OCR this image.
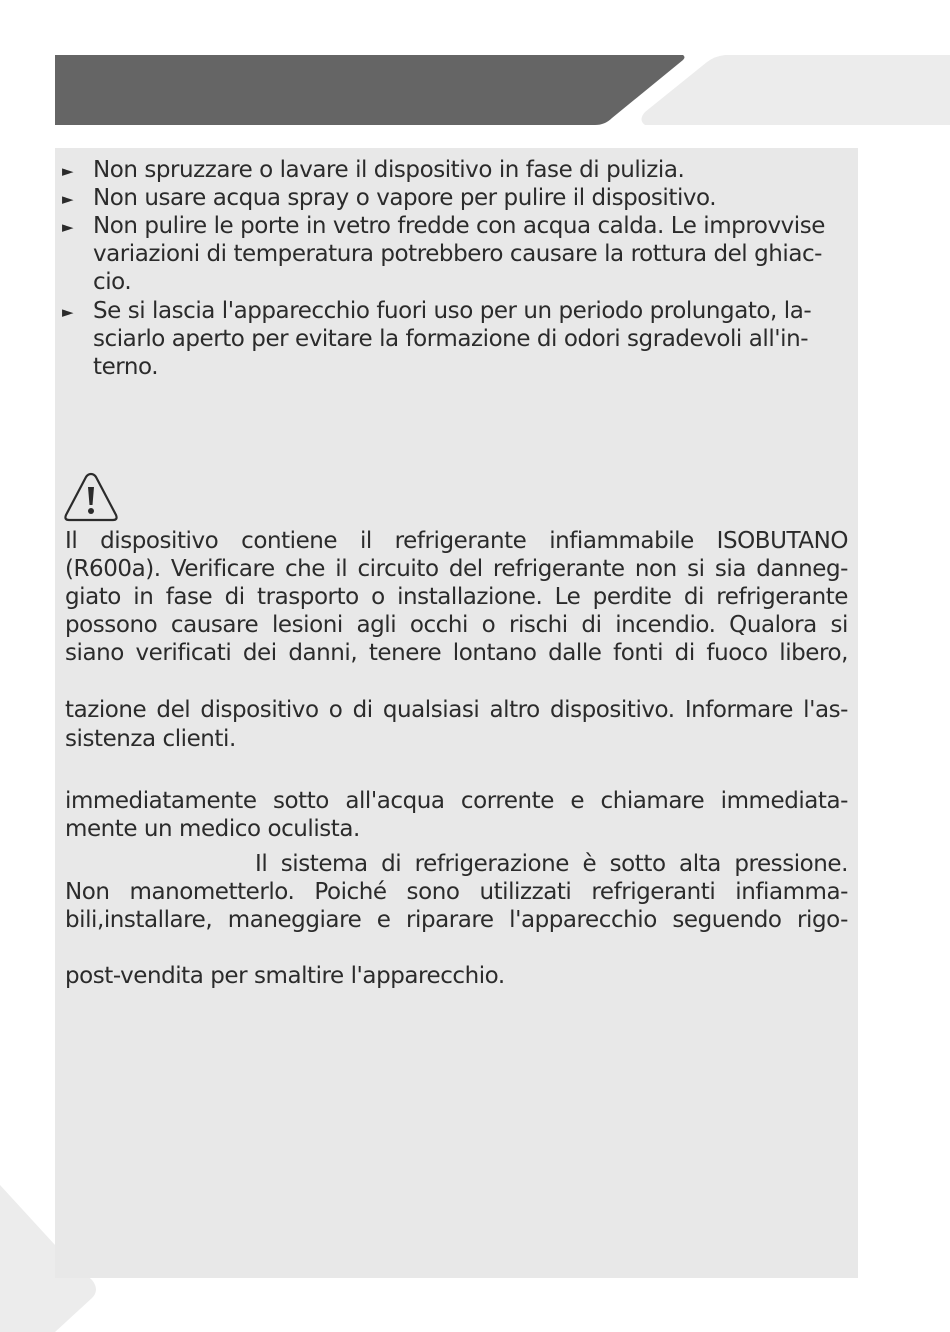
► Non spruzzare o lavare il dispositivo in fase di pulizia.
► Non usare acqua spray o vapore per pulire il dispositivo.
► Non pulire le porte in vetro fredde con acqua calda. Le improvvise
variazioni di temperatura potrebbero causare la rottura del ghiac-
cio.
► Se si lascia l'apparecchio fuori uso per un periodo prolungato, la-
sciarlo aperto per evitare la formazione di odori sgradevoli all'in-
terno.
Il dispositivo contiene il refrigerante infiammabile ISOBUTANO
(R600a). Verificare che il circuito del refrigerante non si sia danneg-
giato in fase di trasporto o installazione. Le perdite di refrigerante
possono causare lesioni agli occhi o rischi di incendio. Qualora si
siano verificati dei danni, tenere lontano dalle fonti di fuoco libero,
tazione del dispositivo o di qualsiasi altro dispositivo. Informare l'as-
sistenza clienti.
immediatamente sotto all'acqua corrente e chiamare immediata-
mente un medico oculista.
Il sistema di refrigerazione è sotto alta pressione.
Non manometterlo. Poiché sono utilizzati refrigeranti infiamma-
bili,installare, maneggiare e riparare l'apparecchio seguendo rigo-
post-vendita per smaltire l'apparecchio.
